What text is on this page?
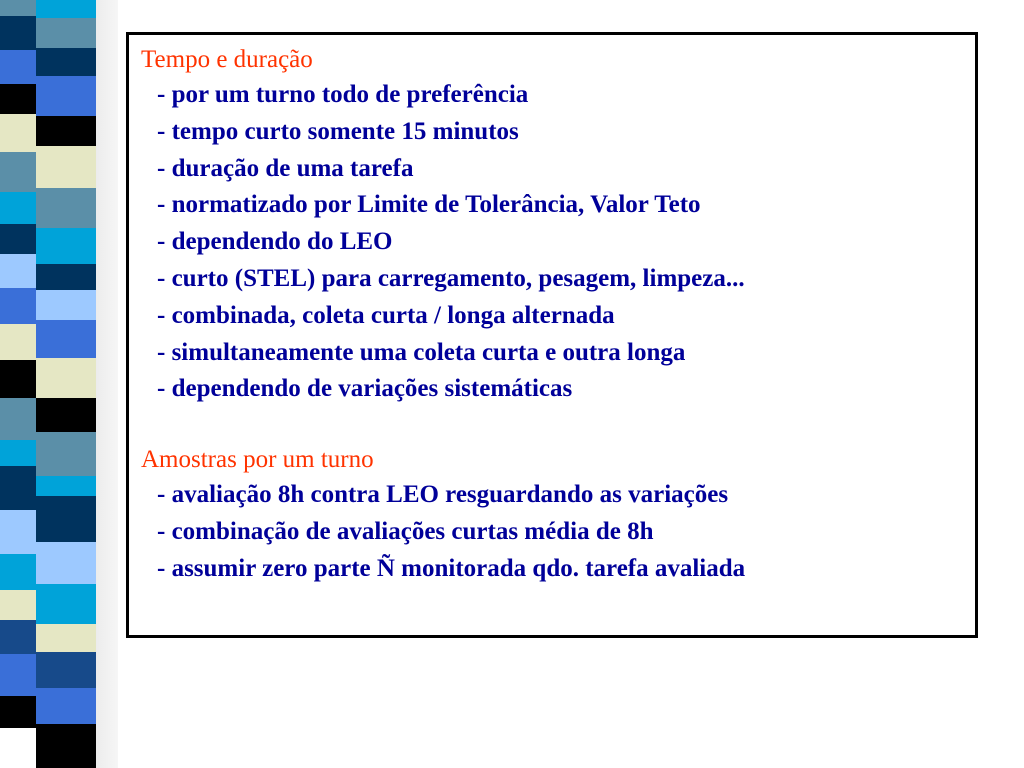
Tempo e duração
- por um turno todo de preferência
- tempo curto somente 15 minutos
- duração de uma tarefa
- normatizado por Limite de Tolerância, Valor Teto
- dependendo do LEO
- curto (STEL) para carregamento, pesagem, limpeza...
- combinada, coleta curta / longa alternada
- simultaneamente uma coleta curta e outra longa
- dependendo de variações sistemáticas
Amostras por um turno
- avaliação 8h contra LEO resguardando as variações
- combinação de avaliações curtas média de 8h
- assumir zero parte Ñ monitorada qdo. tarefa avaliada
